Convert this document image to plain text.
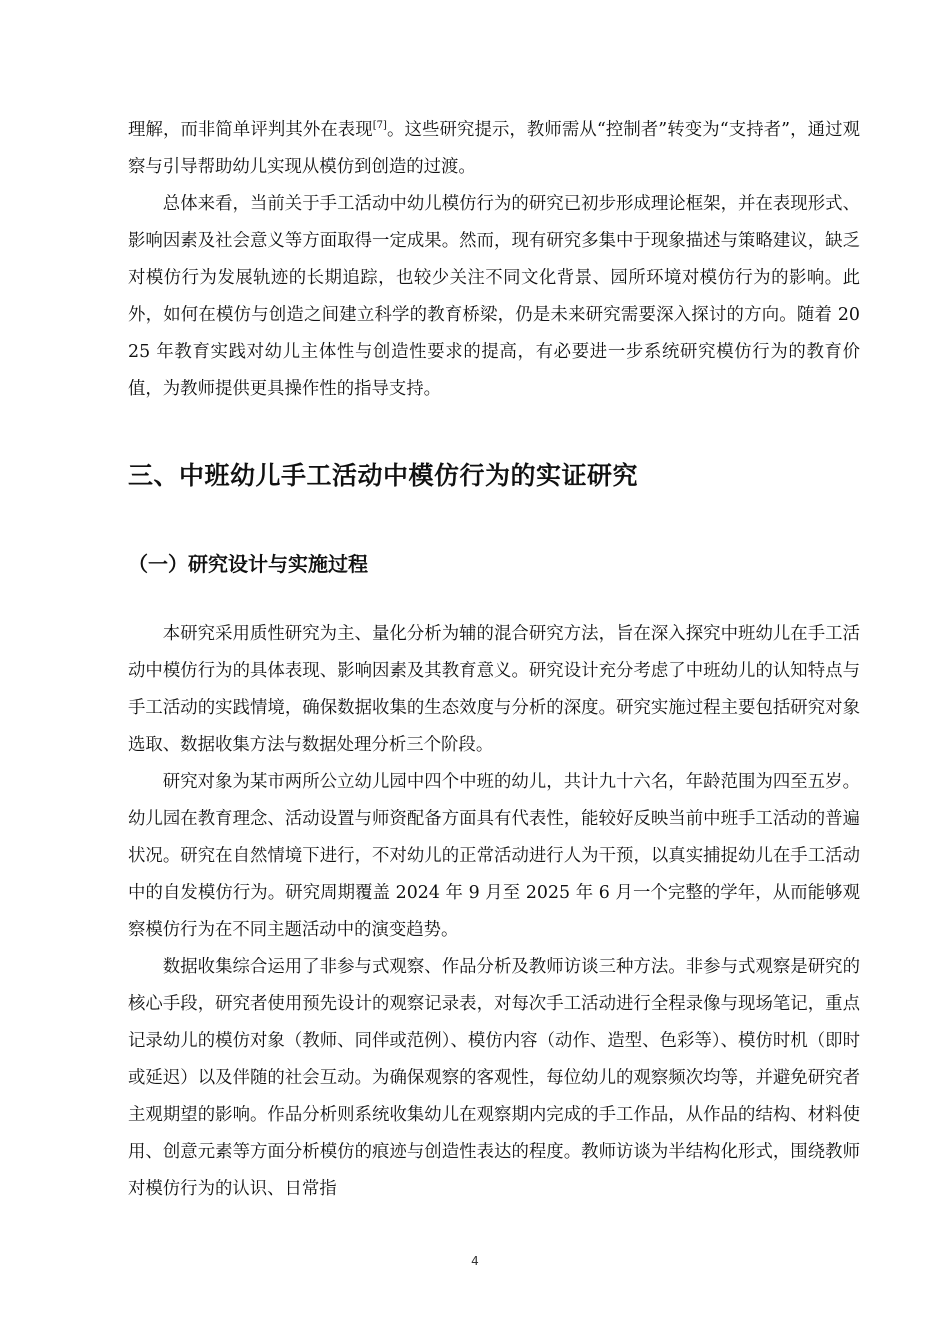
理解，而非简单评判其外在表现[7]。这些研究提示，教师需从“控制者”转变为“支持者”，通过观察与引导帮助幼儿实现从模仿到创造的过渡。

总体来看，当前关于手工活动中幼儿模仿行为的研究已初步形成理论框架，并在表现形式、影响因素及社会意义等方面取得一定成果。然而，现有研究多集中于现象描述与策略建议，缺乏对模仿行为发展轨迹的长期追踪，也较少关注不同文化背景、园所环境对模仿行为的影响。此外，如何在模仿与创造之间建立科学的教育桥梁，仍是未来研究需要深入探讨的方向。随着 2025 年教育实践对幼儿主体性与创造性要求的提高，有必要进一步系统研究模仿行为的教育价值，为教师提供更具操作性的指导支持。

三、中班幼儿手工活动中模仿行为的实证研究
（一）研究设计与实施过程

本研究采用质性研究为主、量化分析为辅的混合研究方法，旨在深入探究中班幼儿在手工活动中模仿行为的具体表现、影响因素及其教育意义。研究设计充分考虑了中班幼儿的认知特点与手工活动的实践情境，确保数据收集的生态效度与分析的深度。研究实施过程主要包括研究对象选取、数据收集方法与数据处理分析三个阶段。

研究对象为某市两所公立幼儿园中四个中班的幼儿，共计九十六名，年龄范围为四至五岁。幼儿园在教育理念、活动设置与师资配备方面具有代表性，能较好反映当前中班手工活动的普遍状况。研究在自然情境下进行，不对幼儿的正常活动进行人为干预，以真实捕捉幼儿在手工活动中的自发模仿行为。研究周期覆盖 2024 年 9 月至 2025 年 6 月一个完整的学年，从而能够观察模仿行为在不同主题活动中的演变趋势。

数据收集综合运用了非参与式观察、作品分析及教师访谈三种方法。非参与式观察是研究的核心手段，研究者使用预先设计的观察记录表，对每次手工活动进行全程录像与现场笔记，重点记录幼儿的模仿对象（教师、同伴或范例）、模仿内容（动作、造型、色彩等）、模仿时机（即时或延迟）以及伴随的社会互动。为确保观察的客观性，每位幼儿的观察频次均等，并避免研究者主观期望的影响。作品分析则系统收集幼儿在观察期内完成的手工作品，从作品的结构、材料使用、创意元素等方面分析模仿的痕迹与创造性表达的程度。教师访谈为半结构化形式，围绕教师对模仿行为的认识、日常指

4
